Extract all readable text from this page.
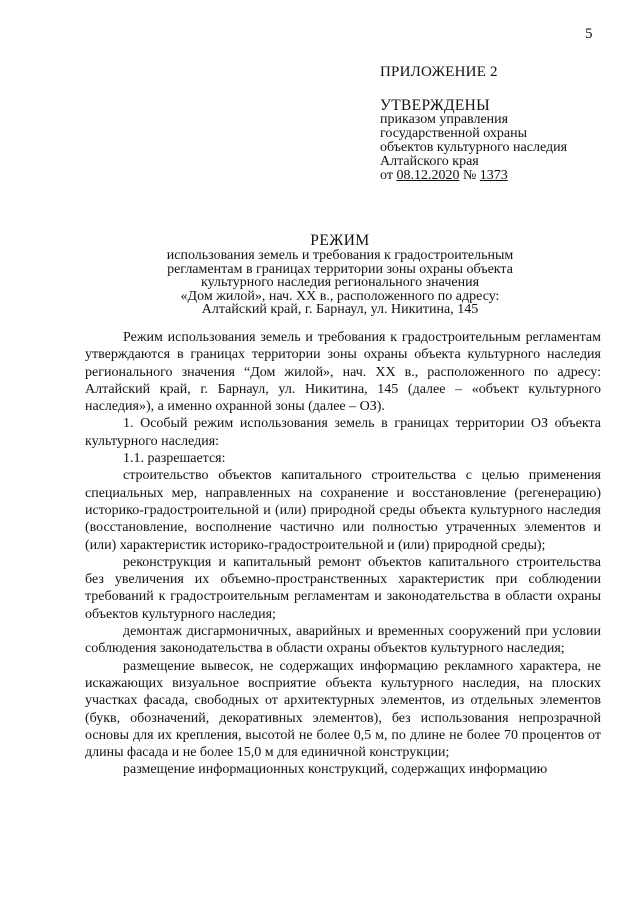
5
ПРИЛОЖЕНИЕ 2
УТВЕРЖДЕНЫ
приказом управления
государственной охраны
объектов культурного наследия
Алтайского края
от 08.12.2020 № 1373
РЕЖИМ
использования земель и требования к градостроительным
регламентам в границах территории зоны охраны объекта
культурного наследия регионального значения
«Дом жилой», нач. XX в., расположенного по адресу:
Алтайский край, г. Барнаул, ул. Никитина, 145

Режим использования земель и требования к градостроительным регламентам утверждаются в границах территории зоны охраны объекта культурного наследия регионального значения “Дом жилой», нач. XX в., расположенного по адресу: Алтайский край, г. Барнаул, ул. Никитина, 145 (далее – «объект культурного наследия»), а именно охранной зоны (далее – ОЗ).

1. Особый режим использования земель в границах территории ОЗ объекта культурного наследия:

1.1. разрешается:

строительство объектов капитального строительства с целью применения специальных мер, направленных на сохранение и восстановление (регенерацию) историко-градостроительной и (или) природной среды объекта культурного наследия (восстановление, восполнение частично или полностью утраченных элементов и (или) характеристик историко-градостроительной и (или) природной среды);

реконструкция и капитальный ремонт объектов капитального строительства без увеличения их объемно-пространственных характеристик при соблюдении требований к градостроительным регламентам и законодательства в области охраны объектов культурного наследия;

демонтаж дисгармоничных, аварийных и временных сооружений при условии соблюдения законодательства в области охраны объектов культурного наследия;

размещение вывесок, не содержащих информацию рекламного характера, не искажающих визуальное восприятие объекта культурного наследия, на плоских участках фасада, свободных от архитектурных элементов, из отдельных элементов (букв, обозначений, декоративных элементов), без использования непрозрачной основы для их крепления, высотой не более 0,5 м, по длине не более 70 процентов от длины фасада и не более 15,0 м для единичной конструкции;

размещение информационных конструкций, содержащих информацию
